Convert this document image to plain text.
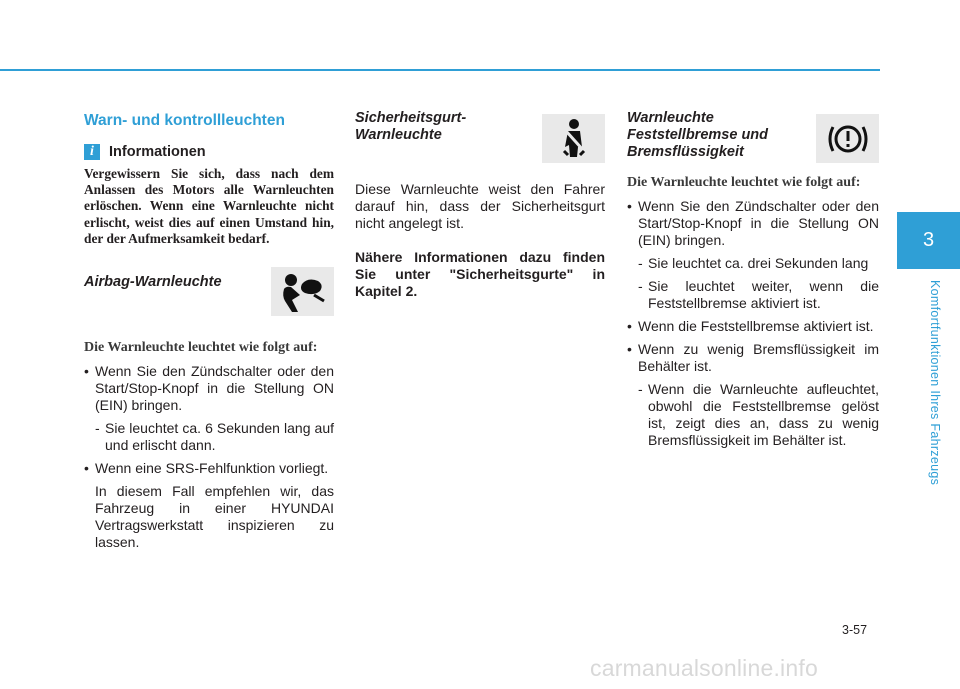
Warn- und kontrollleuchten
i	Informationen
Vergewissern Sie sich, dass nach dem Anlassen des Motors alle Warnleuchten erlöschen. Wenn eine Warnleuchte nicht erlischt, weist dies auf einen Umstand hin, der der Aufmerksamkeit bedarf.
Airbag-Warnleuchte
Die Warnleuchte leuchtet wie folgt auf:
• Wenn Sie den Zündschalter oder den Start/Stop-Knopf in die Stellung ON (EIN) bringen.
- Sie leuchtet ca. 6 Sekunden lang auf und erlischt dann.
• Wenn eine SRS-Fehlfunktion vorliegt.
In diesem Fall empfehlen wir, das Fahrzeug in einer HYUNDAI Vertragswerkstatt inspizieren zu lassen.
Sicherheitsgurt-
Warnleuchte

Diese Warnleuchte weist den Fahrer darauf hin, dass der Sicherheitsgurt nicht angelegt ist.

Nähere Informationen dazu finden Sie unter "Sicherheitsgurte" in Kapitel 2.

Warnleuchte
Feststellbremse und
Bremsflüssigkeit
Die Warnleuchte leuchtet wie folgt auf:
• Wenn Sie den Zündschalter oder den Start/Stop-Knopf in die Stellung ON (EIN) bringen.
- Sie leuchtet ca. drei Sekunden lang
- Sie leuchtet weiter, wenn die Feststellbremse aktiviert ist.
• Wenn die Feststellbremse aktiviert ist.
• Wenn zu wenig Bremsflüssigkeit im Behälter ist.
- Wenn die Warnleuchte aufleuchtet, obwohl die Feststellbremse gelöst ist, zeigt dies an, dass zu wenig Bremsflüssigkeit im Behälter ist.
3
Komfortfunktionen Ihres Fahrzeugs
3-57
carmanualsonline.info
